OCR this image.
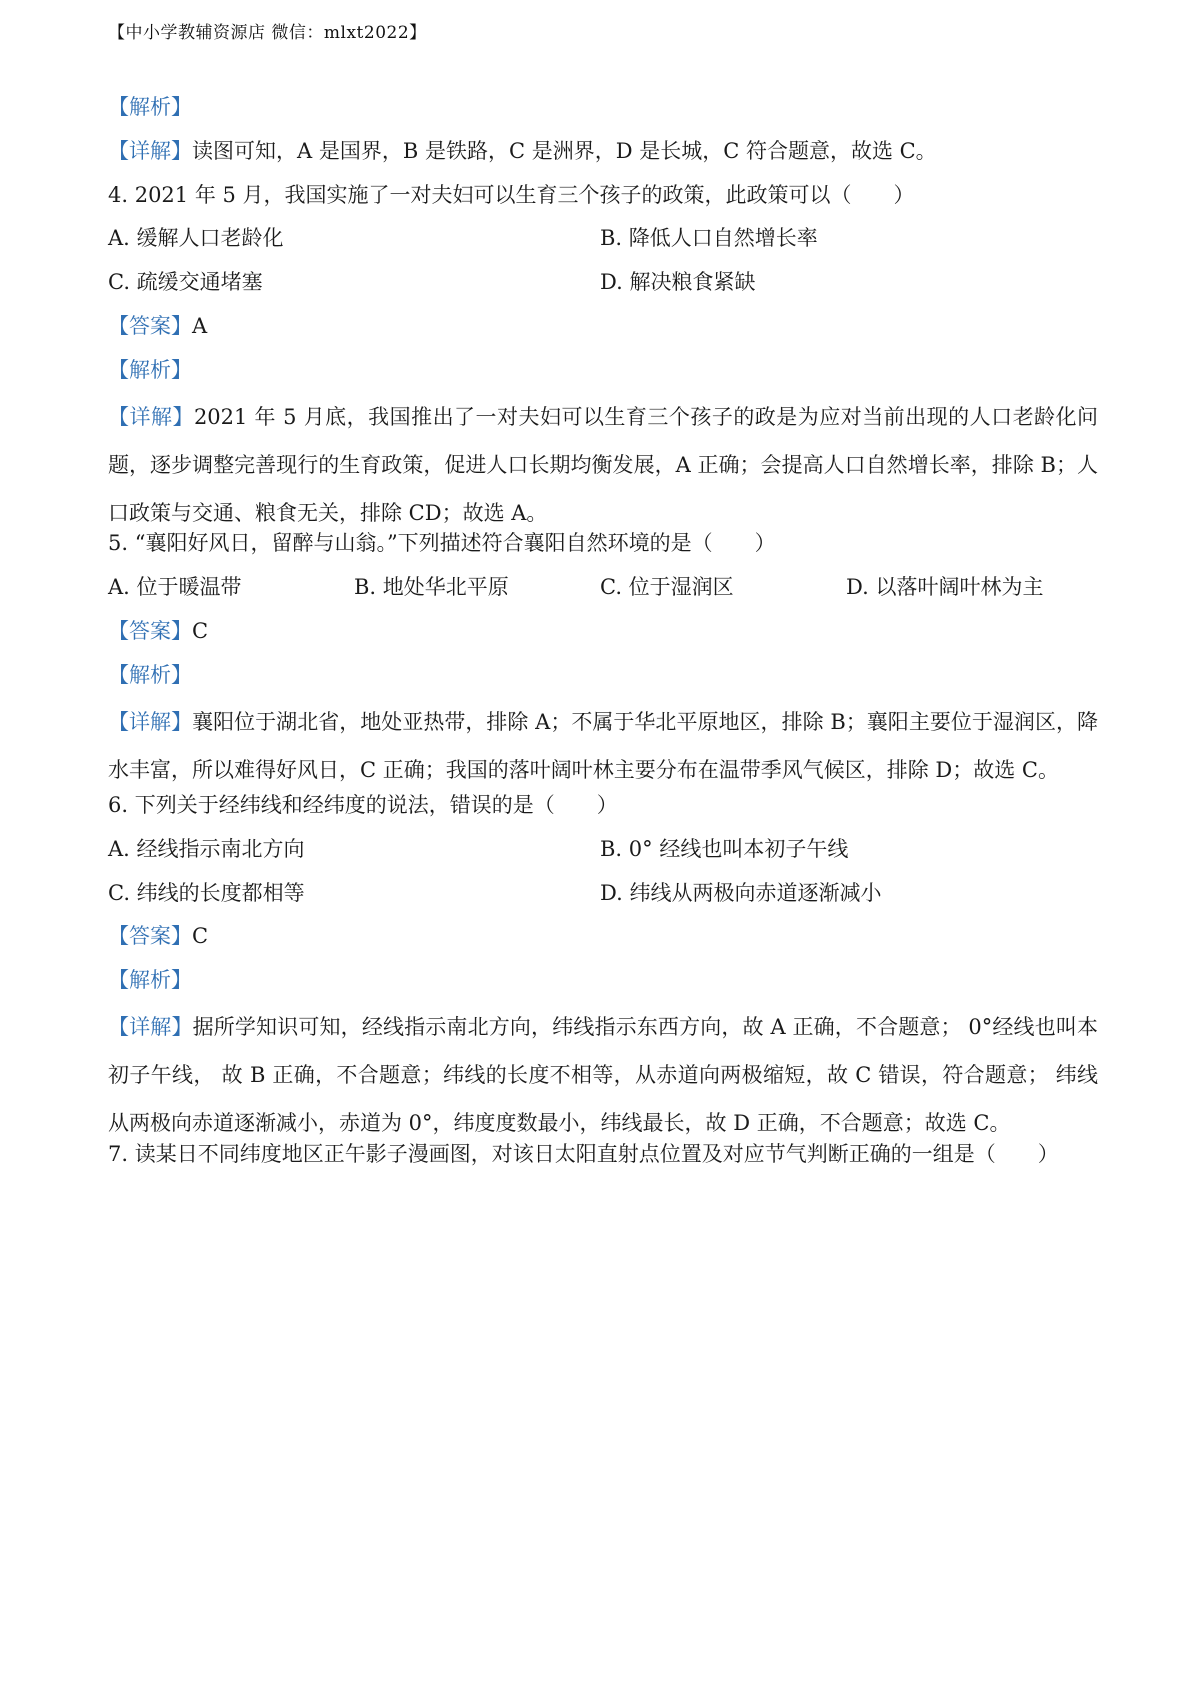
【中小学教辅资源店 微信：mlxt2022】
【解析】
【详解】读图可知，A 是国界，B 是铁路，C 是洲界，D 是长城，C 符合题意，故选 C。
4. 2021 年 5 月，我国实施了一对夫妇可以生育三个孩子的政策，此政策可以（　　）
A. 缓解人口老龄化	B. 降低人口自然增长率
C. 疏缓交通堵塞	D. 解决粮食紧缺
【答案】A
【解析】
【详解】2021 年 5 月底，我国推出了一对夫妇可以生育三个孩子的政是为应对当前出现的人口老龄化问题，逐步调整完善现行的生育政策，促进人口长期均衡发展，A 正确；会提高人口自然增长率，排除 B；人口政策与交通、粮食无关，排除 CD；故选 A。
5. “襄阳好风日，留醉与山翁。”下列描述符合襄阳自然环境的是（　　）
A. 位于暖温带	B. 地处华北平原	C. 位于湿润区	D. 以落叶阔叶林为主
【答案】C
【解析】
【详解】襄阳位于湖北省，地处亚热带，排除 A；不属于华北平原地区，排除 B；襄阳主要位于湿润区，降水丰富，所以难得好风日，C 正确；我国的落叶阔叶林主要分布在温带季风气候区，排除 D；故选 C。
6. 下列关于经纬线和经纬度的说法，错误的是（　　）
A. 经线指示南北方向	B. 0° 经线也叫本初子午线
C. 纬线的长度都相等	D. 纬线从两极向赤道逐渐减小
【答案】C
【解析】
【详解】据所学知识可知，经线指示南北方向，纬线指示东西方向，故 A 正确，不合题意； 0°经线也叫本初子午线， 故 B 正确，不合题意；纬线的长度不相等，从赤道向两极缩短，故 C 错误，符合题意； 纬线从两极向赤道逐渐减小，赤道为 0°，纬度度数最小，纬线最长，故 D 正确，不合题意；故选 C。
7. 读某日不同纬度地区正午影子漫画图，对该日太阳直射点位置及对应节气判断正确的一组是（　　）
